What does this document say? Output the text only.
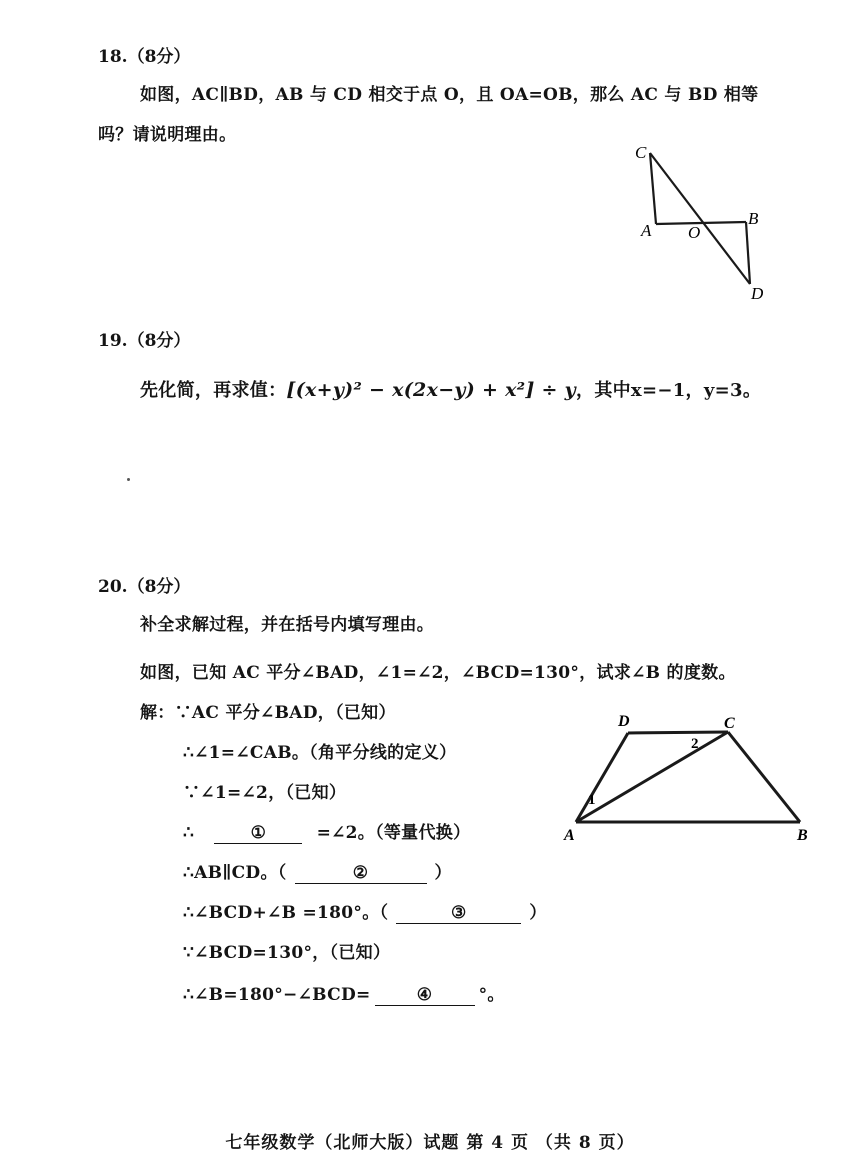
18.（8分）
如图，AC∥BD，AB 与 CD 相交于点 O，且 OA=OB，那么 AC 与 BD 相等
吗？请说明理由。
C
A O
B
D
19.（8分）
先化简，再求值：[(x+y)² − x(2x−y) + x²] ÷ y，其中x=−1，y=3。
20.（8分）
补全求解过程，并在括号内填写理由。
如图，已知 AC 平分∠BAD，∠1=∠2，∠BCD=130°，试求∠B 的度数。
解：∵AC 平分∠BAD，（已知）
∴∠1=∠CAB。（角平分线的定义）
∵∠1=∠2，（已知）
∴	①	=∠2。（等量代换）
∴AB∥CD。（	②	）
∴∠BCD+∠B =180°。（	③	）
∵∠BCD=130°，（已知）
∴∠B=180°−∠BCD=	④	°。
D	C
A	B
1
2
七年级数学（北师大版）试题 第 4 页 （共 8 页）
